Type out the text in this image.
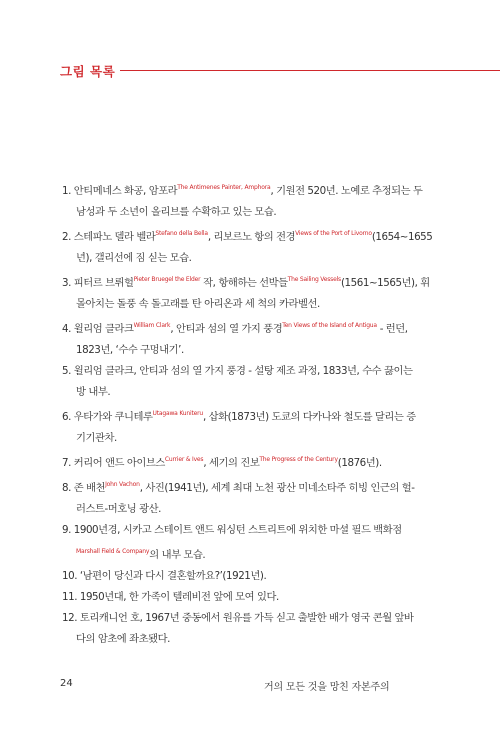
그림 목록
1. 안티메네스 화공, 암포라$^{The Antimenes Painter, Amphora}$, 기원전 520년. 노예로 추정되는 두
남성과 두 소년이 올리브를 수확하고 있는 모습.
2. 스테파노 델라 벨라$^{Stefano della Bella}$, 리보르노 항의 전경$^{Views of the Port of Livorno}$(1654~1655
년), 갤리선에 짐 싣는 모습.
3. 피터르 브뤼헐$^{Pieter Bruegel the Elder}$ 작, 항해하는 선박들$^{The Sailing Vessels}$(1561~1565년), 휘
몰아치는 돌풍 속 돌고래를 탄 아리온과 세 척의 카라벨선.
4. 윌리엄 클라크$^{William Clark}$, 안티과 섬의 열 가지 풍경$^{Ten Views of the Island of Antigua}$ - 런던,
1823년, ‘수수 구멍내기’.
5. 윌리엄 클라크, 안티과 섬의 열 가지 풍경 - 설탕 제조 과정, 1833년, 수수 끓이는
방 내부.
6. 우타가와 쿠니테루$^{Utagawa Kuniteru}$, 삽화(1873년) 도쿄의 다카나와 철도를 달리는 증
기기관차.
7. 커리어 앤드 아이브스$^{Currier \& Ives}$, 세기의 진보$^{The Progress of the Century}$(1876년).
8. 존 배천$^{John Vachon}$, 사진(1941년), 세계 최대 노천 광산 미네소타주 히빙 인근의 헐-
러스트-머호닝 광산.
9. 1900년경, 시카고 스테이트 앤드 워싱턴 스트리트에 위치한 마셜 필드 백화점
$^{Marshall Field \& Company}$의 내부 모습.
10. ‘남편이 당신과 다시 결혼할까요?’(1921년).
11. 1950년대, 한 가족이 텔레비전 앞에 모여 있다.
12. 토리캐니언 호, 1967년 중동에서 원유를 가득 싣고 출발한 배가 영국 콘월 앞바
다의 암초에 좌초됐다.
24	거의 모든 것을 망친 자본주의
